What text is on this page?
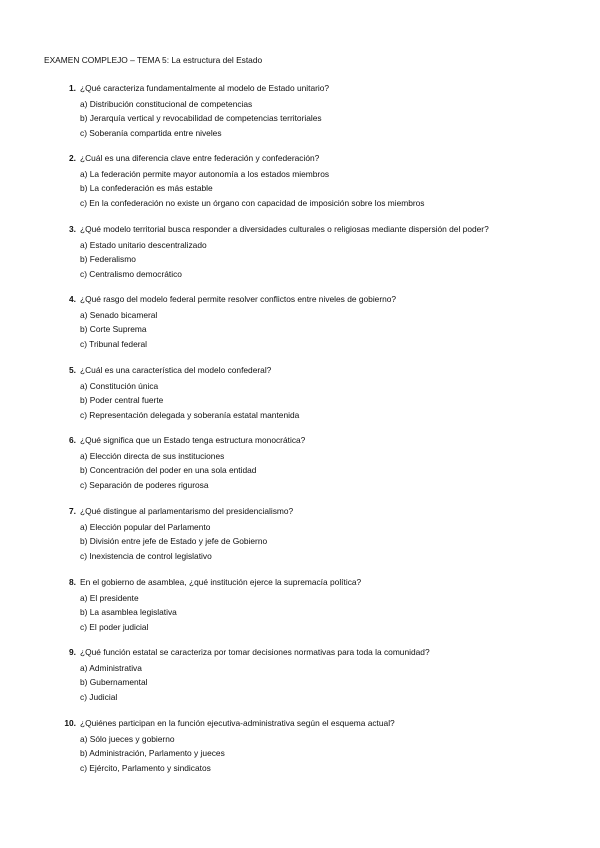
EXAMEN COMPLEJO – TEMA 5: La estructura del Estado
1. ¿Qué caracteriza fundamentalmente al modelo de Estado unitario?
a) Distribución constitucional de competencias
b) Jerarquía vertical y revocabilidad de competencias territoriales
c) Soberanía compartida entre niveles
2. ¿Cuál es una diferencia clave entre federación y confederación?
a) La federación permite mayor autonomía a los estados miembros
b) La confederación es más estable
c) En la confederación no existe un órgano con capacidad de imposición sobre los miembros
3. ¿Qué modelo territorial busca responder a diversidades culturales o religiosas mediante dispersión del poder?
a) Estado unitario descentralizado
b) Federalismo
c) Centralismo democrático
4. ¿Qué rasgo del modelo federal permite resolver conflictos entre niveles de gobierno?
a) Senado bicameral
b) Corte Suprema
c) Tribunal federal
5. ¿Cuál es una característica del modelo confederal?
a) Constitución única
b) Poder central fuerte
c) Representación delegada y soberanía estatal mantenida
6. ¿Qué significa que un Estado tenga estructura monocrática?
a) Elección directa de sus instituciones
b) Concentración del poder en una sola entidad
c) Separación de poderes rigurosa
7. ¿Qué distingue al parlamentarismo del presidencialismo?
a) Elección popular del Parlamento
b) División entre jefe de Estado y jefe de Gobierno
c) Inexistencia de control legislativo
8. En el gobierno de asamblea, ¿qué institución ejerce la supremacía política?
a) El presidente
b) La asamblea legislativa
c) El poder judicial
9. ¿Qué función estatal se caracteriza por tomar decisiones normativas para toda la comunidad?
a) Administrativa
b) Gubernamental
c) Judicial
10. ¿Quiénes participan en la función ejecutiva-administrativa según el esquema actual?
a) Sólo jueces y gobierno
b) Administración, Parlamento y jueces
c) Ejército, Parlamento y sindicatos
